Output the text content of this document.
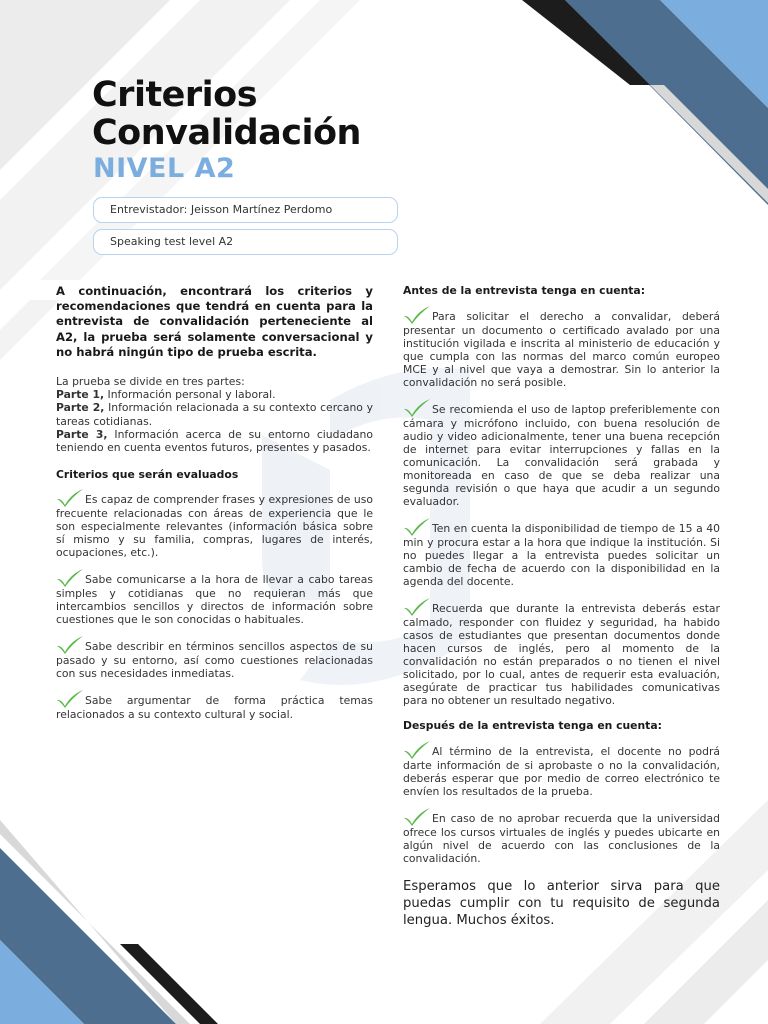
Criterios
Convalidación
NIVEL A2
Entrevistador: Jeisson Martínez Perdomo
Speaking test level A2

A continuación, encontrará los criterios y recomendaciones que tendrá en cuenta para la entrevista de convalidación perteneciente al A2, la prueba será solamente conversacional y no habrá ningún tipo de prueba escrita.

La prueba se divide en tres partes:

Parte 1, Información personal y laboral.

Parte 2, Información relacionada a su contexto cercano y tareas cotidianas.

Parte 3, Información acerca de su entorno ciudadano teniendo en cuenta eventos futuros, presentes y pasados.

Criterios que serán evaluados

Es capaz de comprender frases y expresiones de uso frecuente relacionadas con áreas de experiencia que le son especialmente relevantes (información básica sobre sí mismo y su familia, compras, lugares de interés, ocupaciones, etc.).

Sabe comunicarse a la hora de llevar a cabo tareas simples y cotidianas que no requieran más que intercambios sencillos y directos de información sobre cuestiones que le son conocidas o habituales.

Sabe describir en términos sencillos aspectos de su pasado y su entorno, así como cuestiones relacionadas con sus necesidades inmediatas.

Sabe argumentar de forma práctica temas relacionados a su contexto cultural y social.

Antes de la entrevista tenga en cuenta:

Para solicitar el derecho a convalidar, deberá presentar un documento o certificado avalado por una institución vigilada e inscrita al ministerio de educación y que cumpla con las normas del marco común europeo MCE y al nivel que vaya a demostrar. Sin lo anterior la convalidación no será posible.

Se recomienda el uso de laptop preferiblemente con cámara y micrófono incluido, con buena resolución de audio y video adicionalmente, tener una buena recepción de internet para evitar interrupciones y fallas en la comunicación. La convalidación será grabada y monitoreada en caso de que se deba realizar una segunda revisión o que haya que acudir a un segundo evaluador.

Ten en cuenta la disponibilidad de tiempo de 15 a 40 min y procura estar a la hora que indique la institución. Si no puedes llegar a la entrevista puedes solicitar un cambio de fecha de acuerdo con la disponibilidad en la agenda del docente.

Recuerda que durante la entrevista deberás estar calmado, responder con fluidez y seguridad, ha habido casos de estudiantes que presentan documentos donde hacen cursos de inglés, pero al momento de la convalidación no están preparados o no tienen el nivel solicitado, por lo cual, antes de requerir esta evaluación, asegúrate de practicar tus habilidades comunicativas para no obtener un resultado negativo.

Después de la entrevista tenga en cuenta:

Al término de la entrevista, el docente no podrá darte información de si aprobaste o no la convalidación, deberás esperar que por medio de correo electrónico te envíen los resultados de la prueba.

En caso de no aprobar recuerda que la universidad ofrece los cursos virtuales de inglés y puedes ubicarte en algún nivel de acuerdo con las conclusiones de la convalidación.

Esperamos que lo anterior sirva para que puedas cumplir con tu requisito de segunda lengua. Muchos éxitos.
